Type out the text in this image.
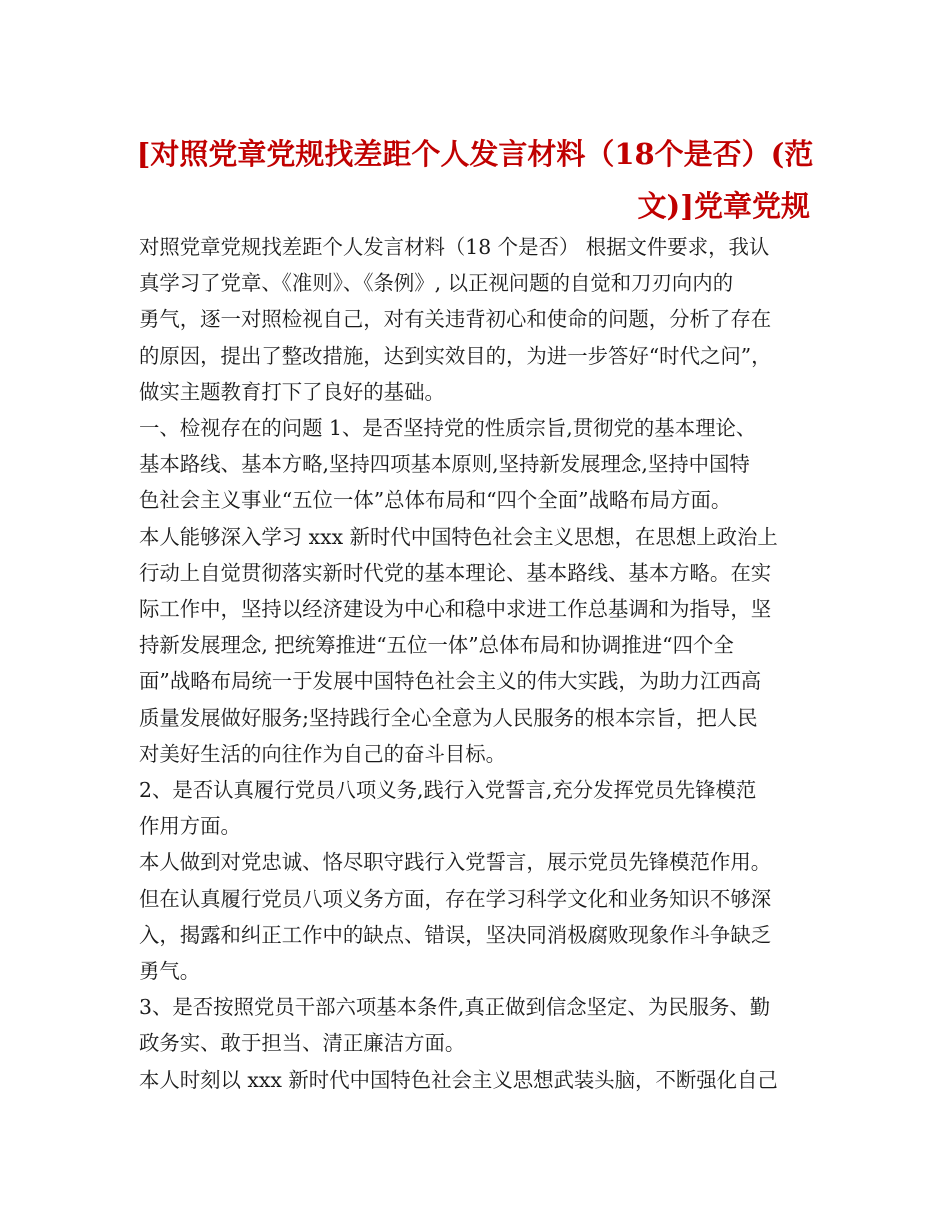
[对照党章党规找差距个人发言材料（18个是否）(范
文)]党章党规

对照党章党规找差距个人发言材料（18 个是否） 根据文件要求，我认

真学习了党章、《准则》、《条例》, 以正视问题的自觉和刀刃向内的

勇气，逐一对照检视自己，对有关违背初心和使命的问题，分析了存在

的原因，提出了整改措施，达到实效目的，为进一步答好“时代之问”，

做实主题教育打下了良好的基础。

一、检视存在的问题 1、是否坚持党的性质宗旨,贯彻党的基本理论、

基本路线、基本方略,坚持四项基本原则,坚持新发展理念,坚持中国特

色社会主义事业“五位一体”总体布局和“四个全面”战略布局方面。

本人能够深入学习 xxx 新时代中国特色社会主义思想，在思想上政治上

行动上自觉贯彻落实新时代党的基本理论、基本路线、基本方略。在实

际工作中，坚持以经济建设为中心和稳中求进工作总基调和为指导，坚

持新发展理念, 把统筹推进“五位一体”总体布局和协调推进“四个全

面”战略布局统一于发展中国特色社会主义的伟大实践，为助力江西高

质量发展做好服务;坚持践行全心全意为人民服务的根本宗旨，把人民

对美好生活的向往作为自己的奋斗目标。

2、是否认真履行党员八项义务,践行入党誓言,充分发挥党员先锋模范

作用方面。

本人做到对党忠诚、恪尽职守践行入党誓言，展示党员先锋模范作用。

但在认真履行党员八项义务方面，存在学习科学文化和业务知识不够深

入，揭露和纠正工作中的缺点、错误，坚决同消极腐败现象作斗争缺乏

勇气。

3、是否按照党员干部六项基本条件,真正做到信念坚定、为民服务、勤

政务实、敢于担当、清正廉洁方面。

本人时刻以 xxx 新时代中国特色社会主义思想武装头脑，不断强化自己
